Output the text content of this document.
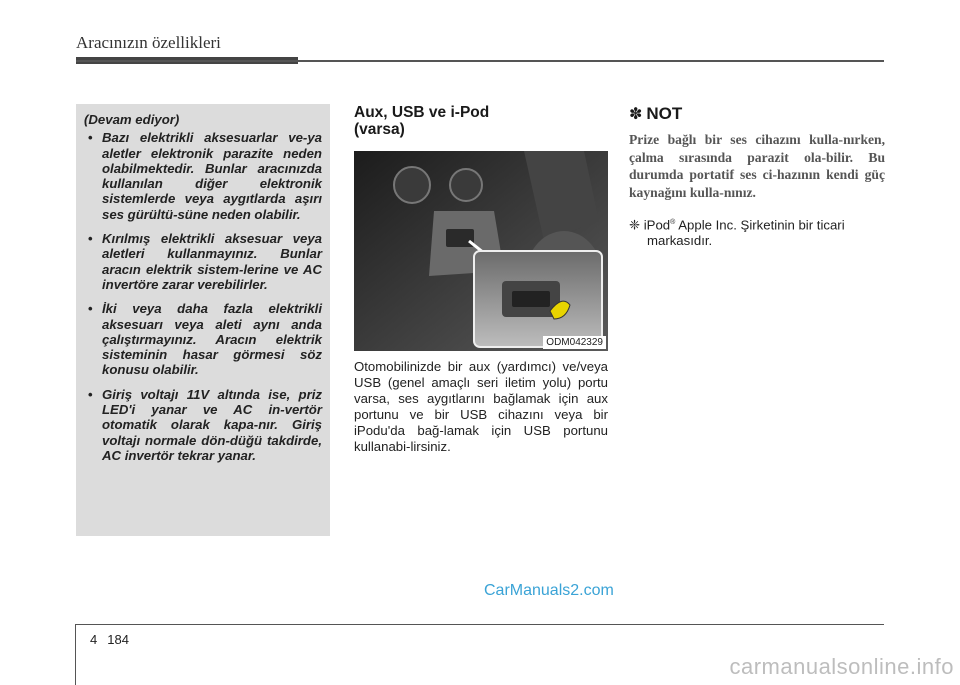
Aracınızın özellikleri

(Devam ediyor)

• Bazı elektrikli aksesuarlar ve-ya aletler elektronik parazite neden olabilmektedir. Bunlar aracınızda kullanılan diğer elektronik sistemlerde veya aygıtlarda aşırı ses gürültü-süne neden olabilir.
• Kırılmış elektrikli aksesuar veya aletleri kullanmayınız. Bunlar aracın elektrik sistem-lerine ve AC invertöre zarar verebilirler.
• İki veya daha fazla elektrikli aksesuarı veya aleti aynı anda çalıştırmayınız. Aracın elektrik sisteminin hasar görmesi söz konusu olabilir.
• Giriş voltajı 11V altında ise, priz LED'i yanar ve AC in-vertör otomatik olarak kapa-nır. Giriş voltajı normale dön-düğü takdirde, AC invertör tekrar yanar.
Aux, USB ve i-Pod
(varsa)
ODM042329

Otomobilinizde bir aux (yardımcı) ve/veya USB (genel amaçlı seri iletim yolu) portu varsa, ses aygıtlarını bağlamak için aux portunu ve bir USB cihazını veya bir iPodu'da bağ-lamak için USB portunu kullanabi-lirsiniz.

✽ NOT

Prize bağlı bir ses cihazını kulla-nırken, çalma sırasında parazit ola-bilir. Bu durumda portatif ses ci-hazının kendi güç kaynağını kulla-nınız.

❈ iPod® Apple Inc. Şirketinin bir ticari markasıdır.
CarManuals2.com
4 184
carmanualsonline.info
